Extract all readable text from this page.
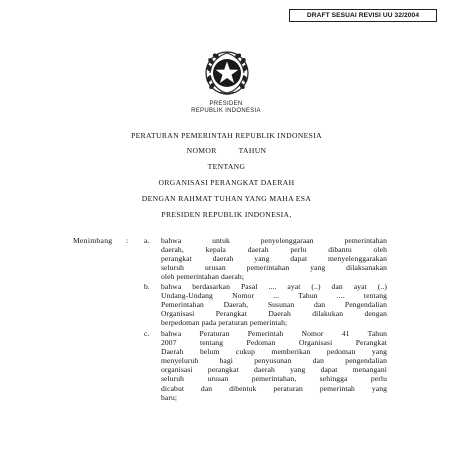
DRAFT SESUAI REVISI UU 32/2004
PRESIDEN
REPUBLIK INDONESIA
PERATURAN PEMERINTAH REPUBLIK INDONESIA
NOMOR	TAHUN
TENTANG
ORGANISASI PERANGKAT DAERAH
DENGAN RAHMAT TUHAN YANG MAHA ESA
PRESIDEN REPUBLIK INDONESIA,
Menimbang : a. bahwa untuk penyelenggaraan pemerintahan
daerah, kepala daerah perlu dibantu oleh
perangkat daerah yang dapat menyelenggarakan
seluruh urusan pemerintahan yang dilaksanakan
oleh pemerintahan daerah;
b. bahwa berdasarkan Pasal .... ayat (..) dan ayat (..)
Undang-Undang Nomor ... Tahun .... tentang
Pemerintahan Daerah, Susunan dan Pengendalian
Organisasi Perangkat Daerah dilakukan dengan
berpedoman pada peraturan pemerintah;
c. bahwa Peraturan Pemerintah Nomor 41 Tahun
2007 tentang Pedoman Organisasi Perangkat
Daerah belum cukup memberikan pedoman yang
menyeluruh bagi penyusunan dan pengendalian
organisasi perangkat daerah yang dapat menangani
seluruh urusan pemerintahan, sehingga perlu
dicabut dan dibentuk peraturan pemerintah yang
baru;
